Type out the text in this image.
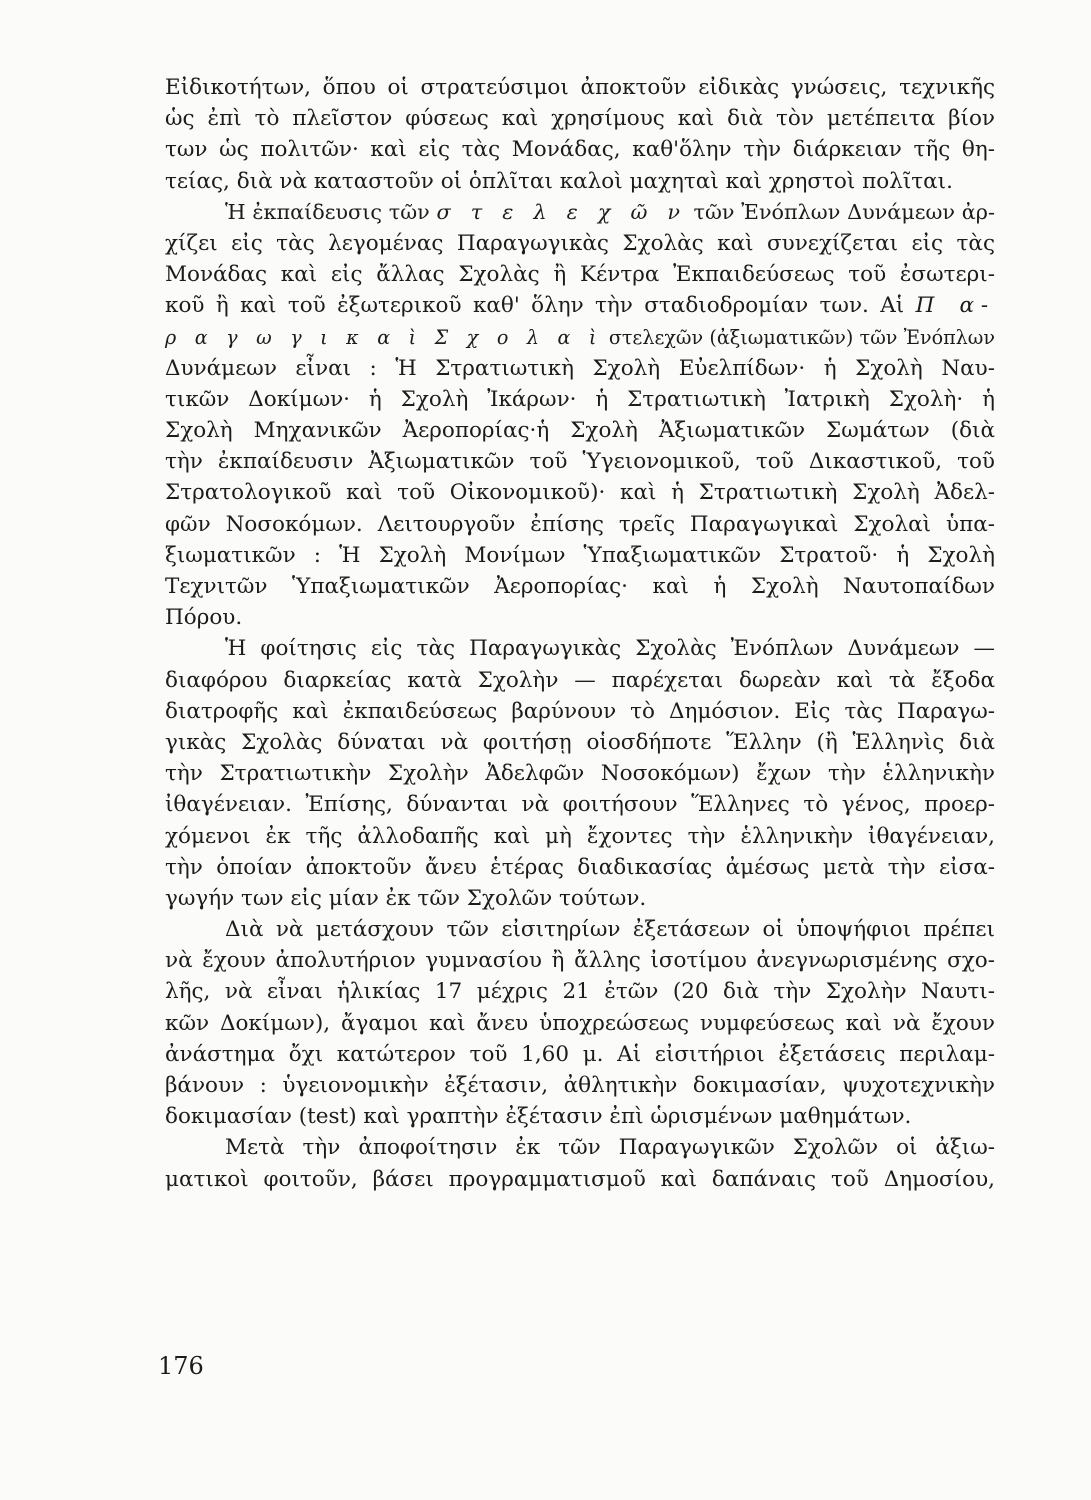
Εἰδικοτήτων, ὅπου οἱ στρατεύσιμοι ἀποκτοῦν εἰδικὰς γνώσεις, τεχνικῆς
ὡς ἐπὶ τὸ πλεῖστον φύσεως καὶ χρησίμους καὶ διὰ τὸν μετέπειτα βίον
των ὡς πολιτῶν· καὶ εἰς τὰς Μονάδας, καθ'ὅλην τὴν διάρκειαν τῆς θη-
τείας, διὰ νὰ καταστοῦν οἱ ὁπλῖται καλοὶ μαχηταὶ καὶ χρηστοὶ πολῖται.
Ἡ ἐκπαίδευσις τῶν σ τ ε λ ε χ ῶ ν τῶν Ἐνόπλων Δυνάμεων ἀρ-
χίζει εἰς τὰς λεγομένας Παραγωγικὰς Σχολὰς καὶ συνεχίζεται εἰς τὰς
Μονάδας καὶ εἰς ἄλλας Σχολὰς ἢ Κέντρα Ἐκπαιδεύσεως τοῦ ἐσωτερι-
κοῦ ἢ καὶ τοῦ ἐξωτερικοῦ καθ' ὅλην τὴν σταδιοδρομίαν των. Αἱ Π α-
ρ α γ ω γ ι κ α ὶ Σ χ ο λ α ὶ στελεχῶν (ἀξιωματικῶν) τῶν Ἐνόπλων
Δυνάμεων εἶναι : Ἡ Στρατιωτικὴ Σχολὴ Εὐελπίδων· ἡ Σχολὴ Ναυ-
τικῶν Δοκίμων· ἡ Σχολὴ Ἰκάρων· ἡ Στρατιωτικὴ Ἰατρικὴ Σχολὴ· ἡ
Σχολὴ Μηχανικῶν Ἀεροπορίας·ἡ Σχολὴ Ἀξιωματικῶν Σωμάτων (διὰ
τὴν ἐκπαίδευσιν Ἀξιωματικῶν τοῦ Ὑγειονομικοῦ, τοῦ Δικαστικοῦ, τοῦ
Στρατολογικοῦ καὶ τοῦ Οἰκονομικοῦ)· καὶ ἡ Στρατιωτικὴ Σχολὴ Ἀδελ-
φῶν Νοσοκόμων. Λειτουργοῦν ἐπίσης τρεῖς Παραγωγικαὶ Σχολαὶ ὑπα-
ξιωματικῶν : Ἡ Σχολὴ Μονίμων Ὑπαξιωματικῶν Στρατοῦ· ἡ Σχολὴ
Τεχνιτῶν Ὑπαξιωματικῶν Ἀεροπορίας· καὶ ἡ Σχολὴ Ναυτοπαίδων
Πόρου.
Ἡ φοίτησις εἰς τὰς Παραγωγικὰς Σχολὰς Ἐνόπλων Δυνάμεων —
διαφόρου διαρκείας κατὰ Σχολὴν — παρέχεται δωρεὰν καὶ τὰ ἔξοδα
διατροφῆς καὶ ἐκπαιδεύσεως βαρύνουν τὸ Δημόσιον. Εἰς τὰς Παραγω-
γικὰς Σχολὰς δύναται νὰ φοιτήσῃ οἱοσδήποτε Ἕλλην (ἢ Ἑλληνὶς διὰ
τὴν Στρατιωτικὴν Σχολὴν Ἀδελφῶν Νοσοκόμων) ἔχων τὴν ἑλληνικὴν
ἰθαγένειαν. Ἐπίσης, δύνανται νὰ φοιτήσουν Ἕλληνες τὸ γένος, προερ-
χόμενοι ἐκ τῆς ἀλλοδαπῆς καὶ μὴ ἔχοντες τὴν ἑλληνικὴν ἰθαγένειαν,
τὴν ὁποίαν ἀποκτοῦν ἄνευ ἑτέρας διαδικασίας ἀμέσως μετὰ τὴν εἰσα-
γωγήν των εἰς μίαν ἐκ τῶν Σχολῶν τούτων.
Διὰ νὰ μετάσχουν τῶν εἰσιτηρίων ἐξετάσεων οἱ ὑποψήφιοι πρέπει
νὰ ἔχουν ἀπολυτήριον γυμνασίου ἢ ἄλλης ἰσοτίμου ἀνεγνωρισμένης σχο-
λῆς, νὰ εἶναι ἡλικίας 17 μέχρις 21 ἐτῶν (20 διὰ τὴν Σχολὴν Ναυτι-
κῶν Δοκίμων), ἄγαμοι καὶ ἄνευ ὑποχρεώσεως νυμφεύσεως καὶ νὰ ἔχουν
ἀνάστημα ὄχι κατώτερον τοῦ 1,60 μ. Αἱ εἰσιτήριοι ἐξετάσεις περιλαμ-
βάνουν : ὑγειονομικὴν ἐξέτασιν, ἀθλητικὴν δοκιμασίαν, ψυχοτεχνικὴν
δοκιμασίαν (test) καὶ γραπτὴν ἐξέτασιν ἐπὶ ὡρισμένων μαθημάτων.
Μετὰ τὴν ἀποφοίτησιν ἐκ τῶν Παραγωγικῶν Σχολῶν οἱ ἀξιω-
ματικοὶ φοιτοῦν, βάσει προγραμματισμοῦ καὶ δαπάναις τοῦ Δημοσίου,
176
